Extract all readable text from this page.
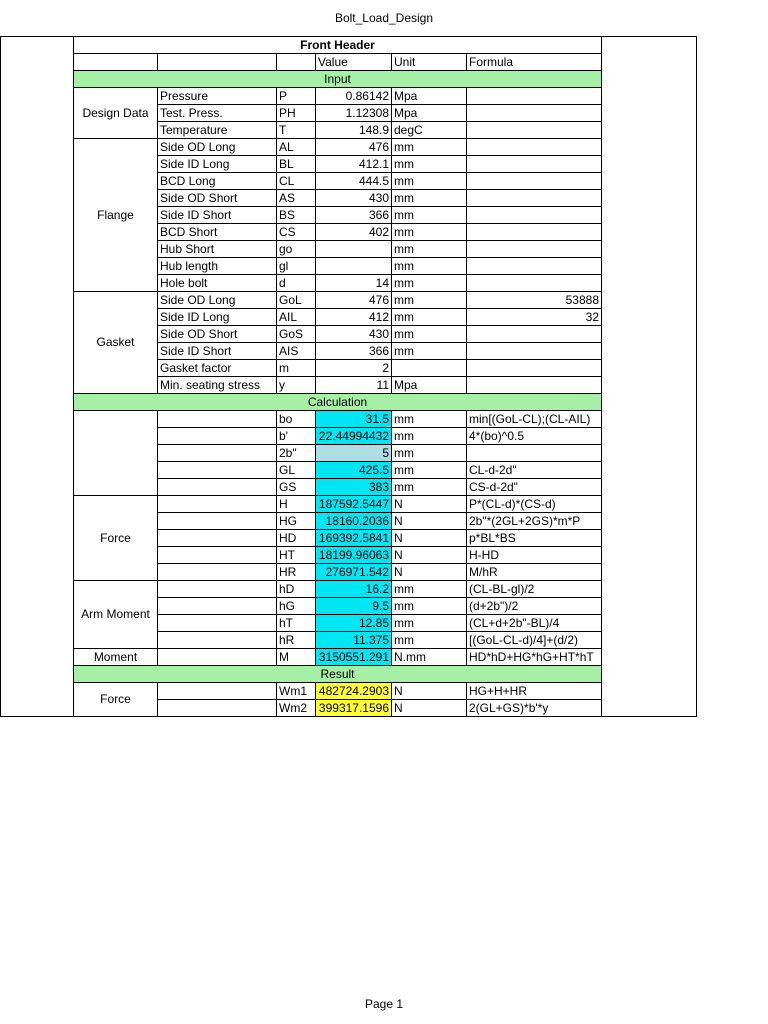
Bolt_Load_Design
Front Header					
			Value	Unit	Formula
Input					
Design Data	Pressure	P	0.86142	Mpa	
	Test. Press.	PH	1.12308	Mpa	
	Temperature	T	148.9	degC	
Flange	Side OD Long	AL	476	mm	
	Side ID Long	BL	412.1	mm	
	BCD Long	CL	444.5	mm	
	Side OD Short	AS	430	mm	
	Side ID Short	BS	366	mm	
	BCD Short	CS	402	mm	
	Hub Short	go		mm	
	Hub length	gl		mm	
	Hole bolt	d	14	mm	
Gasket	Side OD Long	GoL	476	mm	53888
	Side ID Long	AIL	412	mm	32
	Side OD Short	GoS	430	mm	
	Side ID Short	AIS	366	mm	
	Gasket factor	m	2		
	Min. seating stress	y	11	Mpa	
Calculation					
		bo	31.5	mm	min[(GoL-CL);(CL-AIL)
		b'	22.44994432	mm	4*(bo)^0.5
		2b"	5	mm	
		GL	425.5	mm	CL-d-2d"
		GS	383	mm	CS-d-2d"
Force		H	187592.5447	N	P*(CL-d)*(CS-d)
		HG	18160.2036	N	2b"*(2GL+2GS)*m*P
		HD	169392.5841	N	p*BL*BS
		HT	18199.96063	N	H-HD
		HR	276971.542	N	M/hR
Arm Moment		hD	16.2	mm	(CL-BL-gl)/2
		hG	9.5	mm	(d+2b")/2
		hT	12.85	mm	(CL+d+2b"-BL)/4
		hR	11.375	mm	[(GoL-CL-d)/4]+(d/2)
Moment		M	3150551.291	N.mm	HD*hD+HG*hG+HT*hT
Result					
Force		Wm1	482724.2903	N	HG+H+HR
		Wm2	399317.1596	N	2(GL+GS)*b'*y
Page 1
